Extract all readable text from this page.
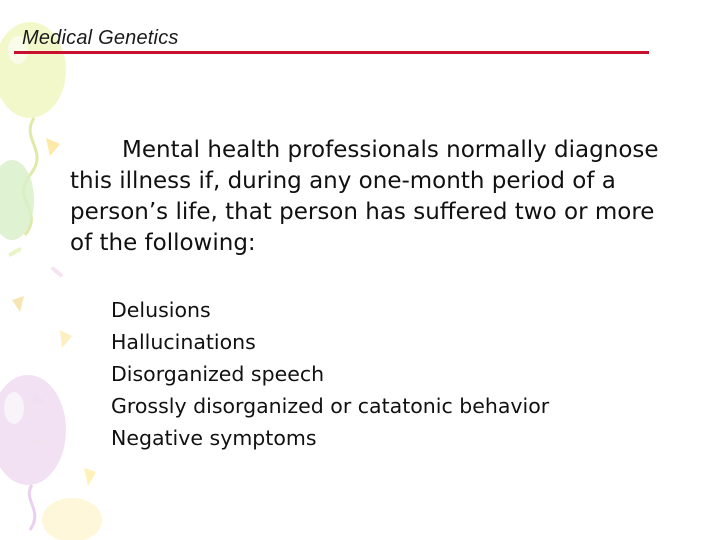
Medical Genetics

Mental health professionals normally diagnose this illness if, during any one-month period of a person’s life, that person has suffered two or more of the following:

Delusions
Hallucinations
Disorganized speech
Grossly disorganized or catatonic behavior
Negative symptoms
